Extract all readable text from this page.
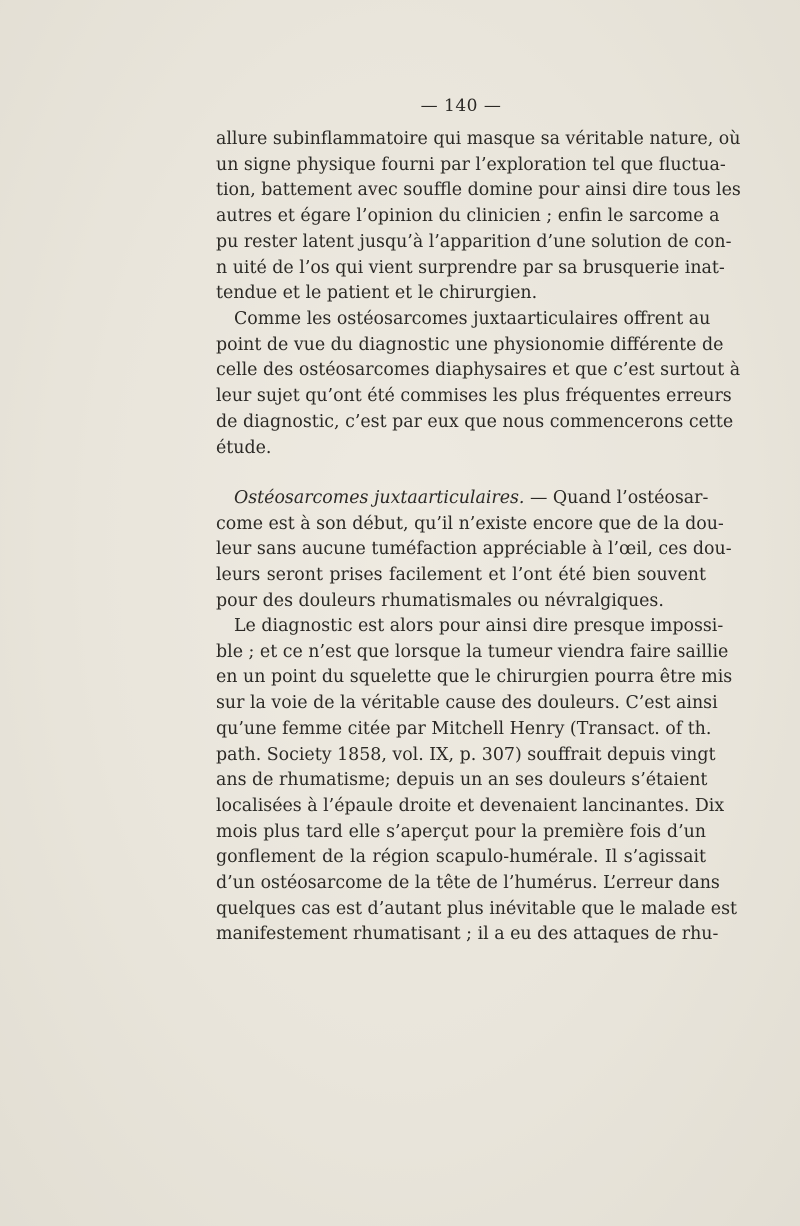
— 140 —
allure subinflammatoire qui masque sa véritable nature, où
un signe physique fourni par l’exploration tel que fluctua-
tion, battement avec souffle domine pour ainsi dire tous les
autres et égare l’opinion du clinicien ; enfin le sarcome a
pu rester latent jusqu’à l’apparition d’une solution de con-
n uité de l’os qui vient surprendre par sa brusquerie inat-
tendue et le patient et le chirurgien.
Comme les ostéosarcomes juxtaarticulaires offrent au
point de vue du diagnostic une physionomie différente de
celle des ostéosarcomes diaphysaires et que c’est surtout à
leur sujet qu’ont été commises les plus fréquentes erreurs
de diagnostic, c’est par eux que nous commencerons cette
étude.
Ostéosarcomes juxtaarticulaires. — Quand l’ostéosar-
come est à son début, qu’il n’existe encore que de la dou-
leur sans aucune tuméfaction appréciable à l’œil, ces dou-
leurs seront prises facilement et l’ont été bien souvent
pour des douleurs rhumatismales ou névralgiques.
Le diagnostic est alors pour ainsi dire presque impossi-
ble ; et ce n’est que lorsque la tumeur viendra faire saillie
en un point du squelette que le chirurgien pourra être mis
sur la voie de la véritable cause des douleurs. C’est ainsi
qu’une femme citée par Mitchell Henry (Transact. of th.
path. Society 1858, vol. IX, p. 307) souffrait depuis vingt
ans de rhumatisme; depuis un an ses douleurs s’étaient
localisées à l’épaule droite et devenaient lancinantes. Dix
mois plus tard elle s’aperçut pour la première fois d’un
gonflement de la région scapulo-humérale. Il s’agissait
d’un ostéosarcome de la tête de l’humérus. L’erreur dans
quelques cas est d’autant plus inévitable que le malade est
manifestement rhumatisant ; il a eu des attaques de rhu-
